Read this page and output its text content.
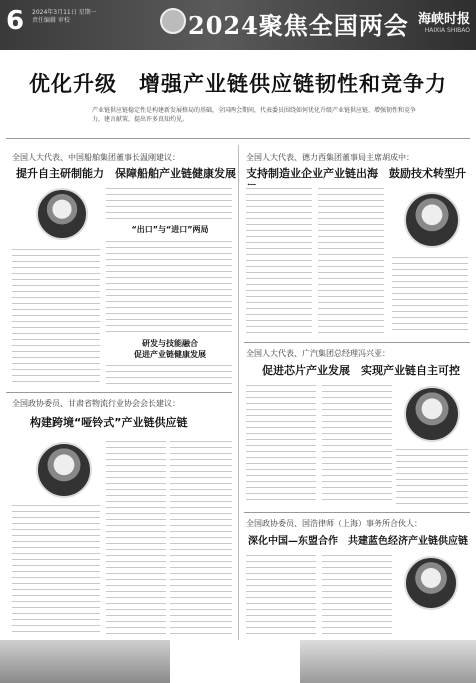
6 2024年3月11日 星期一
责任编辑 审校	2024聚焦全国两会 海峡时报
HAIXIA SHIBAO
优化升级　增强产业链供应链韧性和竞争力
产业链供应链稳定性是构建新发展格局的基础，全国两会期间，代表委员围绕如何优化升级产业链供应链、增强韧性和竞争力，建言献策，提出许多真知灼见。
全国人大代表、中国船舶集团董事长温刚建议：
提升自主研制能力　保障船舶产业链健康发展
“出口”与“进口”两局
研发与技能融合
促进产业链健康发展
全国政协委员、甘肃省物流行业协会会长建议：
构建跨境“哑铃式”产业链供应链
全国人大代表、德力西集团董事局主席胡成中：
支持制造业企业产业链出海　鼓励技术转型升
全国人大代表、广汽集团总经理冯兴亚：
促进芯片产业发展　实现产业链自主可控
全国政协委员、国浩律师（上海）事务所合伙人：
深化中国—东盟合作　共建蓝色经济产业链供应链
